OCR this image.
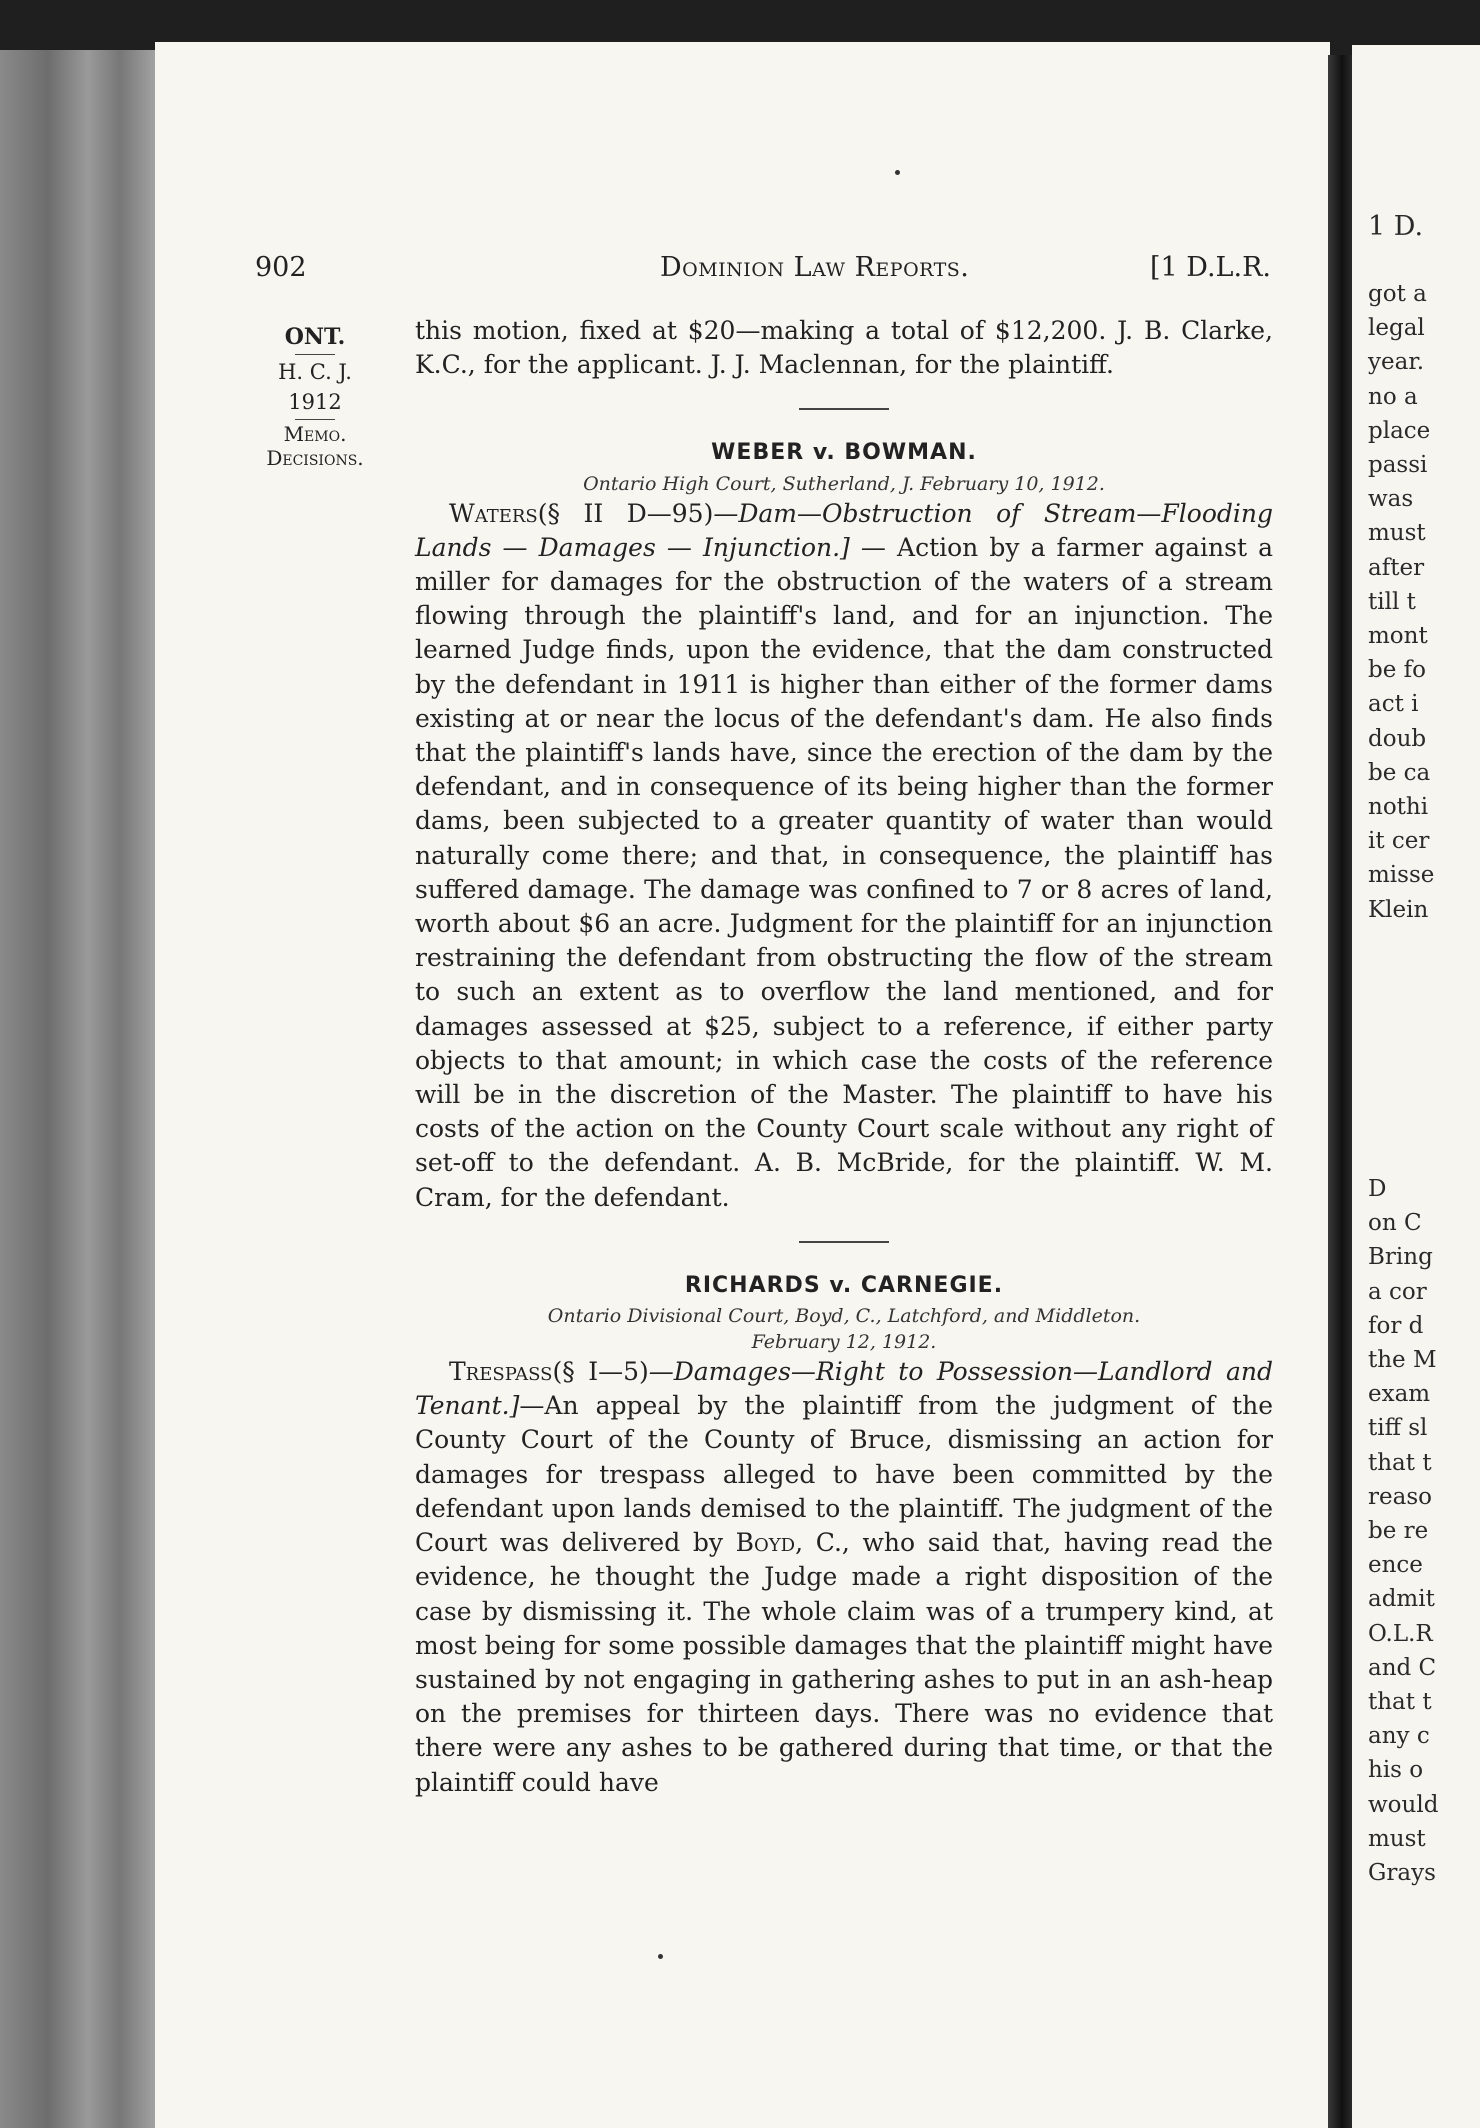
902	Dominion Law Reports.	[1 D.L.R.
ONT.
H. C. J.
1912
Memo.
Decisions.

this motion, fixed at $20—making a total of $12,200. J. B. Clarke, K.C., for the applicant. J. J. Maclennan, for the plaintiff.

WEBER v. BOWMAN.

Ontario High Court, Sutherland, J. February 10, 1912.

Waters(§ II D—95)—Dam—Obstruction of Stream—Flooding Lands — Damages — Injunction.] — Action by a farmer against a miller for damages for the obstruction of the waters of a stream flowing through the plaintiff's land, and for an injunction. The learned Judge finds, upon the evidence, that the dam constructed by the defendant in 1911 is higher than either of the former dams existing at or near the locus of the defendant's dam. He also finds that the plaintiff's lands have, since the erection of the dam by the defendant, and in consequence of its being higher than the former dams, been subjected to a greater quantity of water than would naturally come there; and that, in consequence, the plaintiff has suffered damage. The damage was confined to 7 or 8 acres of land, worth about $6 an acre. Judgment for the plaintiff for an injunction restraining the defendant from obstructing the flow of the stream to such an extent as to overflow the land mentioned, and for damages assessed at $25, subject to a reference, if either party objects to that amount; in which case the costs of the reference will be in the discretion of the Master. The plaintiff to have his costs of the action on the County Court scale without any right of set-off to the defendant. A. B. McBride, for the plaintiff. W. M. Cram, for the defendant.

RICHARDS v. CARNEGIE.

Ontario Divisional Court, Boyd, C., Latchford, and Middleton.

February 12, 1912.

Trespass(§ I—5)—Damages—Right to Possession—Landlord and Tenant.]—An appeal by the plaintiff from the judgment of the County Court of the County of Bruce, dismissing an action for damages for trespass alleged to have been committed by the defendant upon lands demised to the plaintiff. The judgment of the Court was delivered by Boyd, C., who said that, having read the evidence, he thought the Judge made a right disposition of the case by dismissing it. The whole claim was of a trumpery kind, at most being for some possible damages that the plaintiff might have sustained by not engaging in gathering ashes to put in an ash-heap on the premises for thirteen days. There was no evidence that there were any ashes to be gathered during that time, or that the plaintiff could have

1 D.
got a
legal
year.
no a
place
passi
was
must
after
till t
mont
be fo
act i
doub
be ca
nothi
it cer
misse
Klein
D
on C
Bring
a cor
for d
the M
exam
tiff sl
that t
reaso
be re
ence
admit
O.L.R
and C
that t
any c
his o
would
must
Grays
